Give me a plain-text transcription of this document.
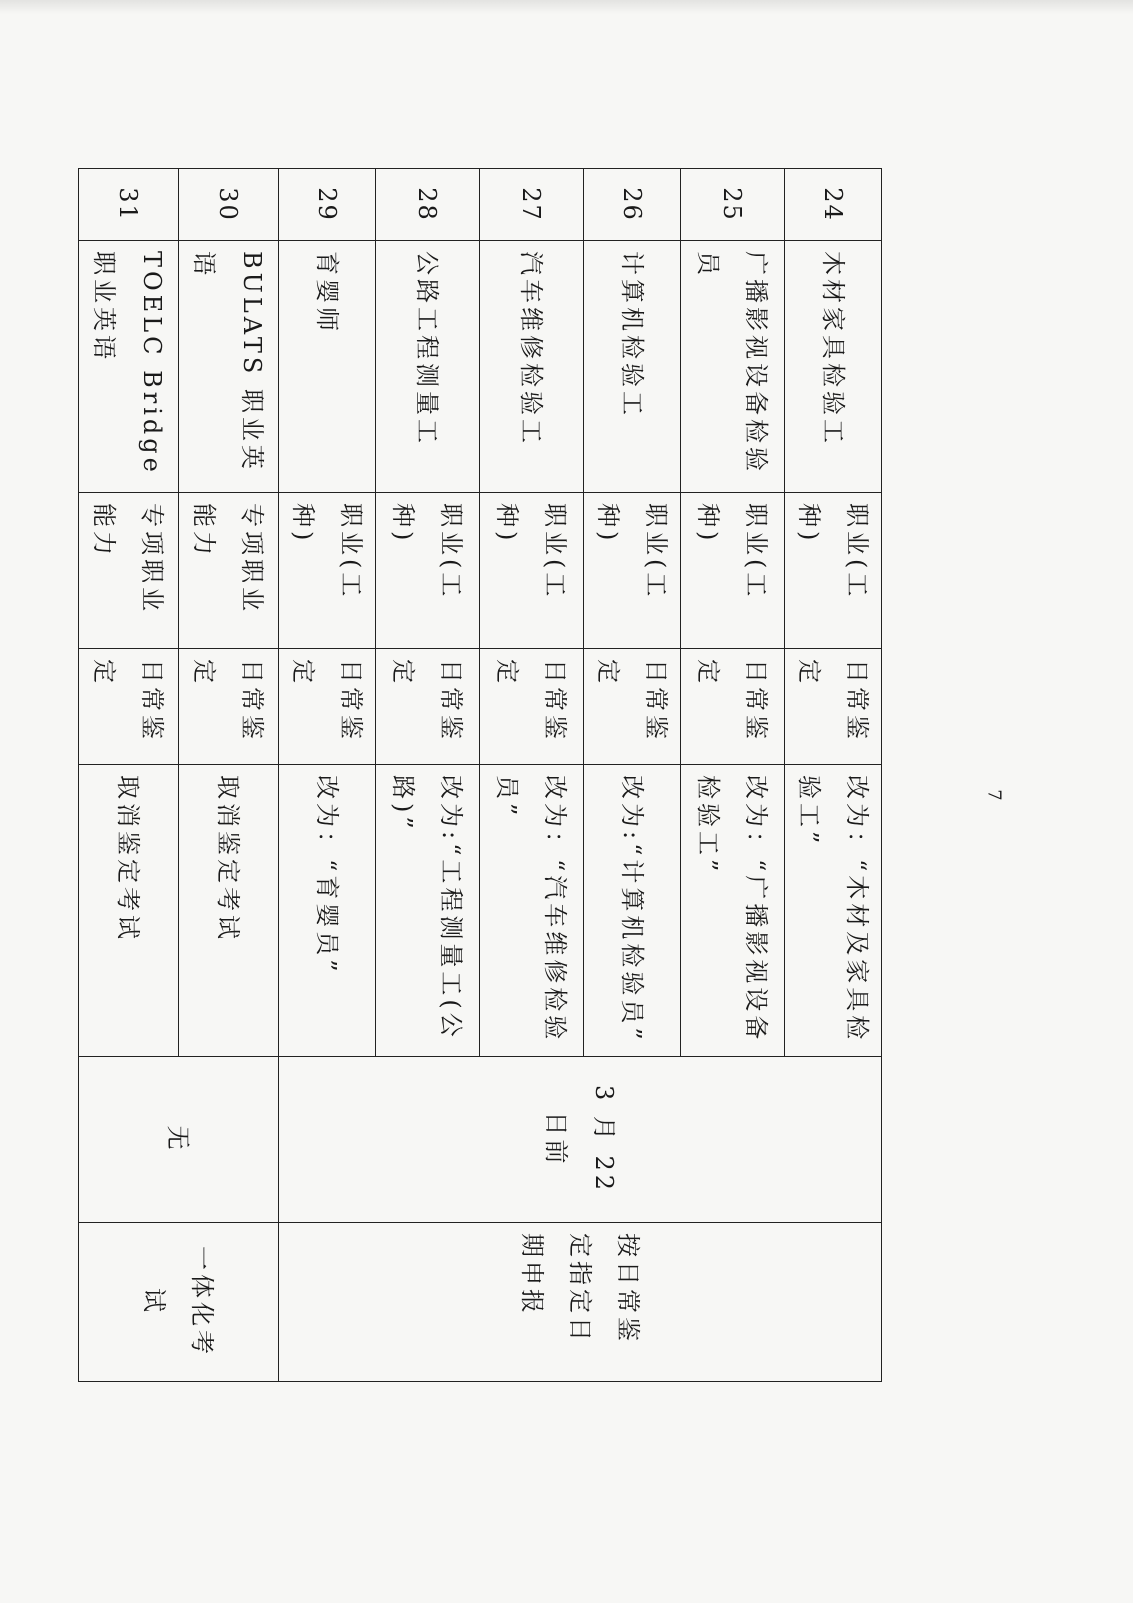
24	木材家具检验工	职业(工种)	日常鉴定	改为：“木材及家具检验工”	3 月 22 日前	按日常鉴定指定日期申报
25	广播影视设备检验员	职业(工种)	日常鉴定	改为：“广播影视设备检验工”		
26	计算机检验工	职业(工种)	日常鉴定	改为:“计算机检验员”		
27	汽车维修检验工	职业(工种)	日常鉴定	改为：“汽车维修检验员”		
28	公路工程测量工	职业(工种)	日常鉴定	改为:“工程测量工(公路)”		
29	育婴师	职业(工种)	日常鉴定	改为：“育婴员”		
30	BULATS 职业英语	专项职业能力	日常鉴定	取消鉴定考试	无	一体化考试
31	TOELC Bridge 职业英语	专项职业能力	日常鉴定	取消鉴定考试			7
